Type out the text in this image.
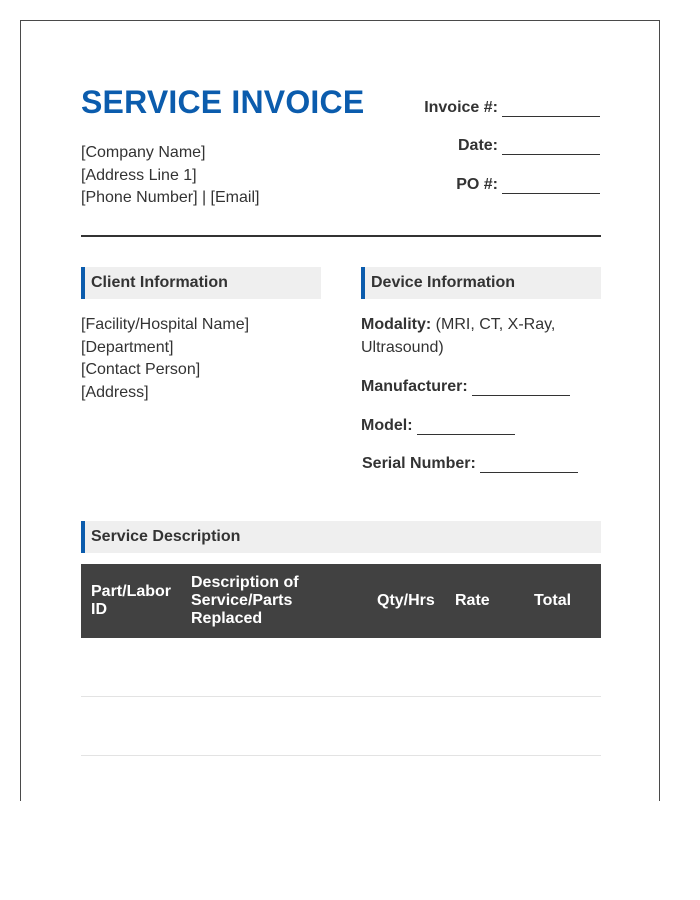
SERVICE INVOICE
[Company Name]
[Address Line 1]
[Phone Number] | [Email]
Invoice #:
Date:
PO #:
Client Information	Device Information
[Facility/Hospital Name]
[Department]
[Contact Person]
[Address]
Modality: (MRI, CT, X-Ray, Ultrasound)
Manufacturer:
Model:
Serial Number:
Service Description
Part/Labor ID	Description of Service/Parts Replaced	Qty/Hrs	Rate	Total
